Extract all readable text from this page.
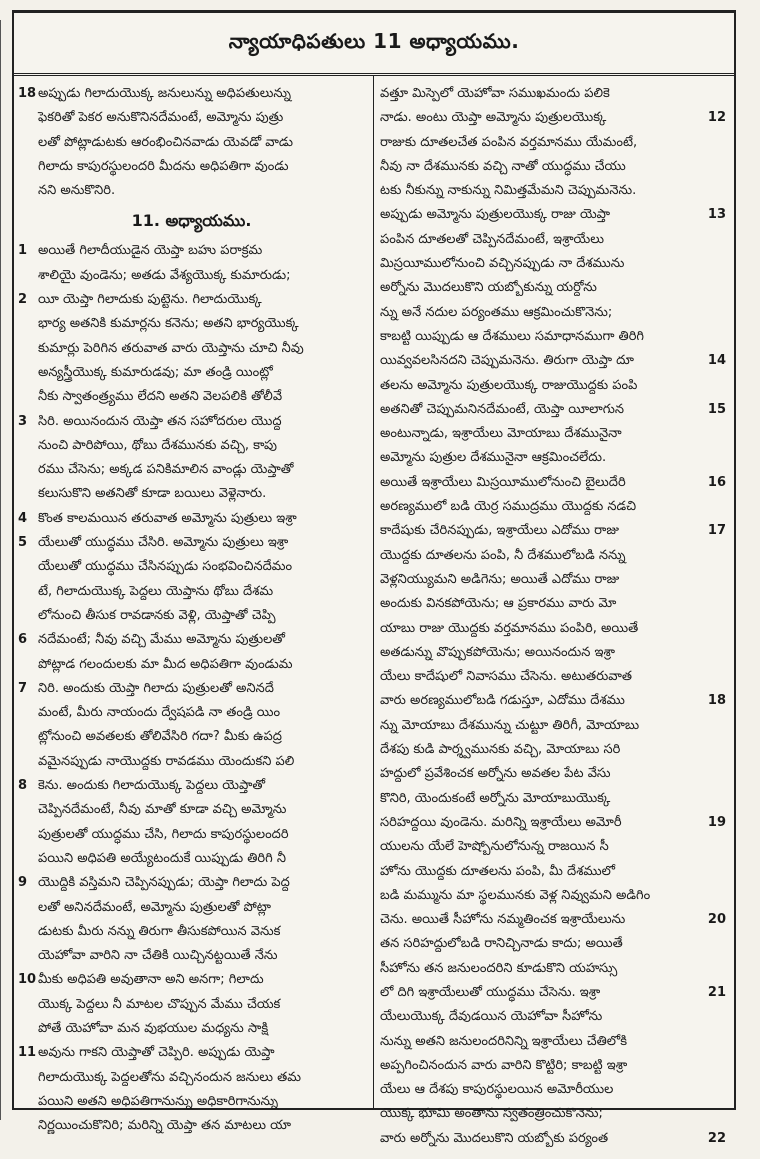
న్యాయాధిపతులు 11 అధ్యాయము.
18 అప్పుడు గిలాదుయొక్క జనులున్ను అధిపతులున్ను
ఫెకరితో పెకర అనుకొనినదేమంటే, అమ్మోను పుత్రు
లతో పోట్లాడుటకు ఆరంభించినవాడు యెవడో వాడు
గిలాదు కాపురస్థులందరి మీదను అధిపతిగా వుండు
నని అనుకొనిరి.
11. అధ్యాయము.
1 అయితే గిలాదీయుడైన యెప్తా బహు పరాక్రమ
శాలియై వుండెను; అతడు వేశ్యయొక్క కుమారుడు;
2 యీ యెప్తా గిలాదుకు పుట్టెను. గిలాదుయొక్క
భార్య అతనికి కుమార్లను కనెను; అతని భార్యయొక్క
కుమార్లు పెరిగిన తరువాత వారు యెప్తాను చూచి నీవు
అన్యస్త్రీయొక్క కుమారుడవు; మా తండ్రి యింట్లో
నీకు స్వాతంత్ర్యము లేదని అతని వెలపలికి తోలీవే
3 సిరి. అయినందున యెప్తా తన సహోదరుల యొద్ద
నుంచి పారిపోయి, థోబు దేశమునకు వచ్చి, కాపు
రము చేసెను; అక్కడ పనికిమాలిన వాండ్లు యెప్తాతో
కలుసుకొని అతనితో కూడా బయిలు వెళ్లెనారు.
4 కొంత కాలమయిన తరువాత అమ్మోను పుత్రులు ఇశ్రా
5 యేలుతో యుద్ధము చేసిరి. అమ్మోను పుత్రులు ఇశ్రా
యేలుతో యుద్ధము చేసినప్పుడు సంభవించినదేమం
టే, గిలాదుయొక్క పెద్దలు యెప్తాను థోబు దేశమ
లోనుంచి తీసుక రావడానకు వెళ్లి, యెప్తాతో చెప్పి
6 నదేమంటే; నీవు వచ్చి మేము అమ్మోను పుత్రులతో
పోట్లాడ గలందులకు మా మీద అధిపతిగా వుండుమ
7 నిరి. అందుకు యెప్తా గిలాదు పుత్రులతో అనినదే
మంటే, మీరు నాయందు ద్వేషపడి నా తండ్రి యిం
ట్లోనుంచి అవతలకు తోలివేసిరి గదా? మీకు ఉపద్ర
వమైనప్పుడు నాయొద్దకు రావడము యెందుకని పలి
8 కెను. అందుకు గిలాదుయొక్క పెద్దలు యెప్తాతో
చెప్పినదేమంటే, నీవు మాతో కూడా వచ్చి అమ్మోను
పుత్రులతో యుద్ధము చేసి, గిలాదు కాపురస్థులందరి
పయిని అధిపతి అయ్యేటందుకే యిప్పుడు తిరిగి నీ
9 యొద్దికి వస్తిమని చెప్పినప్పుడు; యెప్తా గిలాదు పెద్ద
లతో అనినదేమంటే, అమ్మోను పుత్రులతో పోట్లా
డుటకు మీరు నన్ను తిరుగా తీసుకపోయిన వెనుక
యెహోవా వారిని నా చేతికి యిచ్చినట్టయితే నేను
10 మీకు అధిపతి అవుతానా అని అనగా; గిలాదు
యొక్క పెద్దలు నీ మాటల చొప్పున మేము చేయక
పోతే యెహోవా మన వుభయుల మధ్యను సాక్షి
11 అవును గాకని యెప్తాతో చెప్పిరి. అప్పుడు యెప్తా
గిలాదుయొక్క పెద్దలతోను వచ్చినందున జనులు తమ
పయిని అతని అధిపతిగానున్ను అధికారిగానున్ను
నిర్ణయించుకొనిరి; మరిన్ని యెప్తా తన మాటలు యా
వత్తూ మిస్పెలో యెహోవా సముఖమందు పలికె
నాడు. అంటు యెప్తా అమ్మోను పుత్రులయొక్క	12
రాజుకు దూతలచేత పంపిన వర్తమానము యేమంటే,
నీవు నా దేశమునకు వచ్చి నాతో యుద్ధము చేయు
టకు నీకున్ను నాకున్ను నిమిత్తమేమని చెప్పుమనెను.
అప్పుడు అమ్మోను పుత్రులయొక్క రాజు యెప్తా	13
పంపిన దూతలతో చెప్పినదేమంటే, ఇశ్రాయేలు
మిస్రయీములోనుంచి వచ్చినప్పుడు నా దేశమును
అర్నోను మొదలుకొని యబ్బోకున్ను యర్దోను
న్ను అనే నదుల పర్యంతము ఆక్రమించుకొనెను;
కాబట్టి యిప్పుడు ఆ దేశములు సమాధానముగా తిరిగి
యివ్వవలసినదని చెప్పుమనెను. తిరుగా యెప్తా దూ	14
తలను అమ్మోను పుత్రులయొక్క రాజుయొద్దకు పంపి
అతనితో చెప్పుమనినదేమంటే, యెప్తా యీలాగున	15
అంటున్నాడు, ఇశ్రాయేలు మోయాబు దేశమునైనా
అమ్మోను పుత్రుల దేశమునైనా ఆక్రమించలేదు.
అయితే ఇశ్రాయేలు మిస్రయీములోనుంచి బైలుదేరి	16
అరణ్యములో బడి యెర్ర సముద్రము యొద్దకు నడచి
కాదేషుకు చేరినప్పుడు, ఇశ్రాయేలు ఎదోము రాజు	17
యొద్దకు దూతలను పంపి, నీ దేశములోబడి నన్ను
వెళ్లనియ్యుమని అడిగెను; అయితే ఎదోము రాజు
అందుకు వినకపోయెను; ఆ ప్రకారము వారు మో
యాబు రాజు యొద్దకు వర్తమానము పంపిరి, అయితే
అతడున్ను వొప్పుకపోయెను; అయినందున ఇశ్రా
యేలు కాదేషులో నివాసము చేసెను. అటుతరువాత
వారు అరణ్యములోబడి గడుస్తూ, ఎదోము దేశము	18
న్ను మోయాబు దేశమున్ను చుట్టూ తిరిగీ, మోయాబు
దేశపు కుడి పార్శ్వమునకు వచ్చి, మోయాబు సరి
హద్దులో ప్రవేశించక అర్నోను అవతల పేట వేసు
కొనిరి, యెందుకంటే అర్నోను మోయాబుయొక్క
సరిహద్దయి వుండెను. మరిన్ని ఇశ్రాయేలు అమోరీ	19
యులను యేలే హెష్బోనులోనున్న రాజయిన సీ
హోను యొద్దకు దూతలను పంపి, మీ దేశములో
బడి మమ్మును మా స్థలమునకు వెళ్ల నివ్వుమని అడిగిం
చెను. అయితే సీహోను నమ్మతించక ఇశ్రాయేలును	20
తన సరిహద్దులోబడి రానిచ్చినాడు కాదు; అయితే
సీహోను తన జనులందరిని కూడుకొని యహస్సు
లో దిగి ఇశ్రాయేలుతో యుద్ధము చేసెను. ఇశ్రా	21
యేలుయొక్క దేవుడయిన యెహోవా సీహోను
నున్ను అతని జనులందరినిన్ని ఇశ్రాయేలు చేతిలోకి
అప్పగించినందున వారు వారిని కొట్టిరి; కాబట్టి ఇశ్రా
యేలు ఆ దేశపు కాపురస్థులయిన అమోరీయుల
యొక్క భూమి అంతాను స్వతంత్రించుకొనెను;
వారు అర్నోను మొదలుకొని యబ్బోకు పర్యంత	22
